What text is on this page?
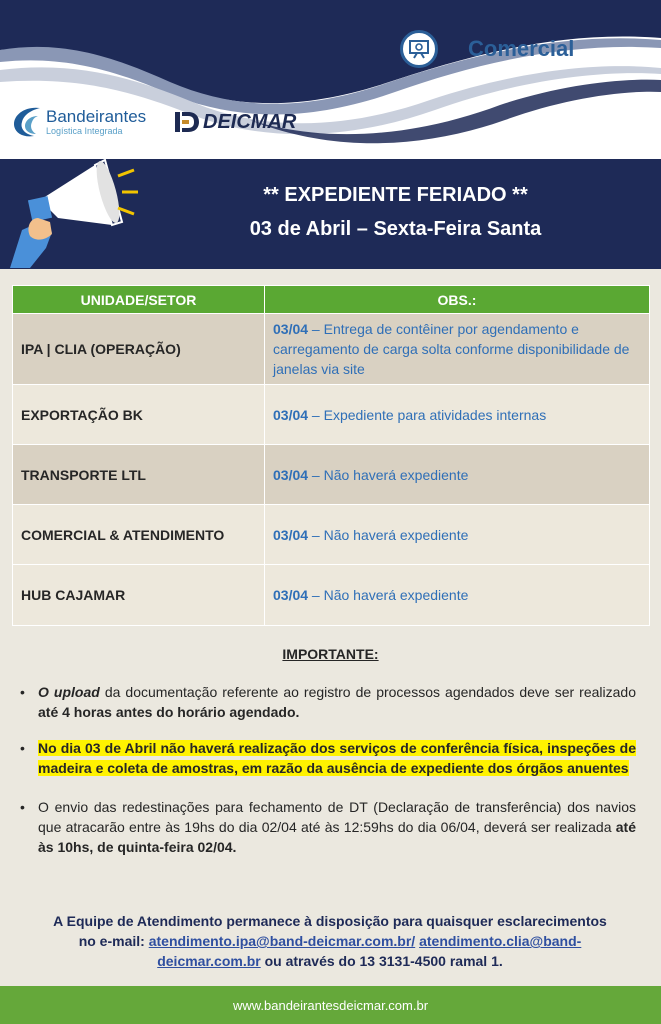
Comercial
Bandeirantes
Logística Integrada	DEICMAR
** EXPEDIENTE FERIADO **
03 de Abril – Sexta-Feira Santa
UNIDADE/SETOR	OBS.:
IPA | CLIA (OPERAÇÃO)	03/04 – Entrega de contêiner por agendamento e carregamento de carga solta conforme disponibilidade de janelas via site
EXPORTAÇÃO BK	03/04 – Expediente para atividades internas
TRANSPORTE LTL	03/04 – Não haverá expediente
COMERCIAL & ATENDIMENTO	03/04 – Não haverá expediente
HUB CAJAMAR	03/04 – Não haverá expediente
IMPORTANTE:
• O upload da documentação referente ao registro de processos agendados deve ser realizado até 4 horas antes do horário agendado.
• No dia 03 de Abril não haverá realização dos serviços de conferência física, inspeções de madeira e coleta de amostras, em razão da ausência de expediente dos órgãos anuentes
• O envio das redestinações para fechamento de DT (Declaração de transferência) dos navios que atracarão entre às 19hs do dia 02/04 até às 12:59hs do dia 06/04, deverá ser realizada até às 10hs, de quinta-feira 02/04.
A Equipe de Atendimento permanece à disposição para quaisquer esclarecimentos
no e-mail: atendimento.ipa@band-deicmar.com.br/ atendimento.clia@band-deicmar.com.br ou através do 13 3131-4500 ramal 1.
www.bandeirantesdeicmar.com.br
